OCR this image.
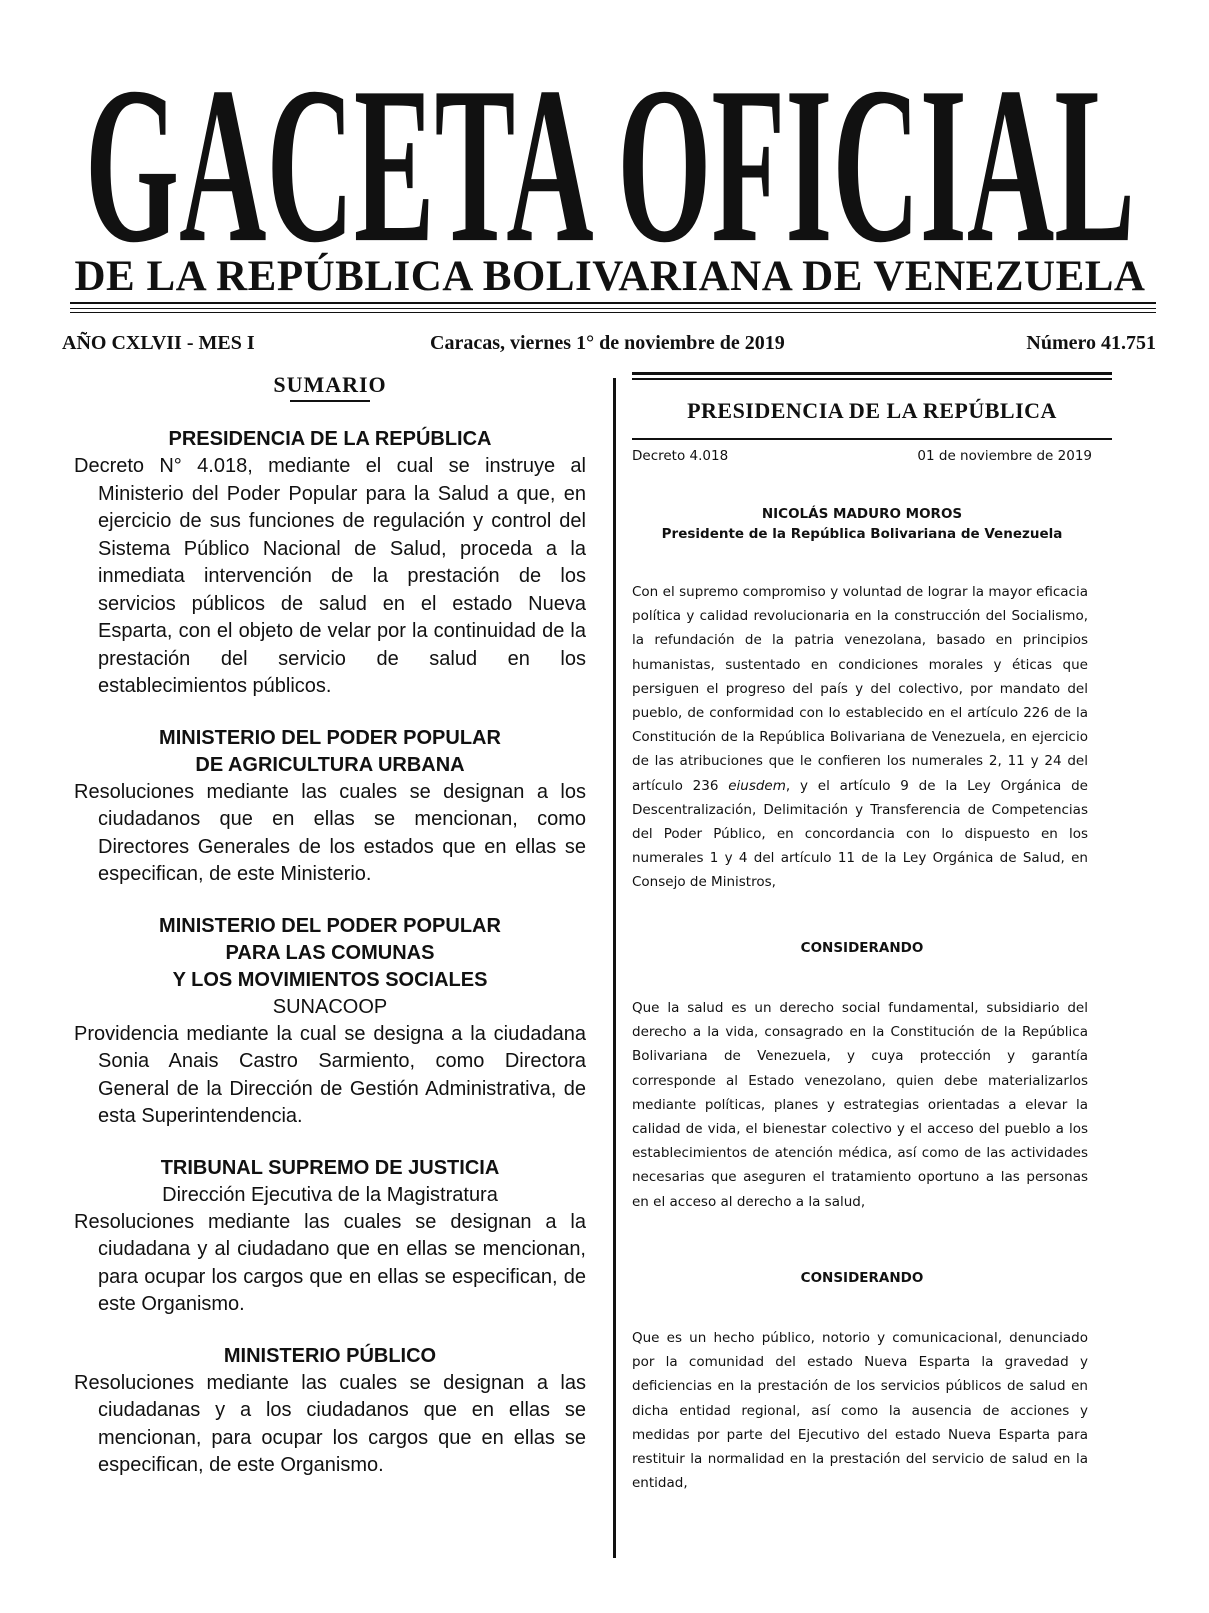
GACETA OFICIAL
DE LA REPÚBLICA BOLIVARIANA DE VENEZUELA
AÑO CXLVII - MES I	Caracas, viernes 1° de noviembre de 2019	Número 41.751
SUMARIO
PRESIDENCIA DE LA REPÚBLICA
Decreto N° 4.018, mediante el cual se instruye al Ministerio del Poder Popular para la Salud a que, en ejercicio de sus funciones de regulación y control del Sistema Público Nacional de Salud, proceda a la inmediata intervención de la prestación de los servicios públicos de salud en el estado Nueva Esparta, con el objeto de velar por la continuidad de la prestación del servicio de salud en los establecimientos públicos.
MINISTERIO DEL PODER POPULAR
DE AGRICULTURA URBANA
Resoluciones mediante las cuales se designan a los ciudadanos que en ellas se mencionan, como Directores Generales de los estados que en ellas se especifican, de este Ministerio.
MINISTERIO DEL PODER POPULAR
PARA LAS COMUNAS
Y LOS MOVIMIENTOS SOCIALES
SUNACOOP
Providencia mediante la cual se designa a la ciudadana Sonia Anais Castro Sarmiento, como Directora General de la Dirección de Gestión Administrativa, de esta Superintendencia.
TRIBUNAL SUPREMO DE JUSTICIA
Dirección Ejecutiva de la Magistratura
Resoluciones mediante las cuales se designan a la ciudadana y al ciudadano que en ellas se mencionan, para ocupar los cargos que en ellas se especifican, de este Organismo.
MINISTERIO PÚBLICO
Resoluciones mediante las cuales se designan a las ciudadanas y a los ciudadanos que en ellas se mencionan, para ocupar los cargos que en ellas se especifican, de este Organismo.
PRESIDENCIA DE LA REPÚBLICA
Decreto 4.018	01 de noviembre de 2019
NICOLÁS MADURO MOROS
Presidente de la República Bolivariana de Venezuela
Con el supremo compromiso y voluntad de lograr la mayor eficacia política y calidad revolucionaria en la construcción del Socialismo, la refundación de la patria venezolana, basado en principios humanistas, sustentado en condiciones morales y éticas que persiguen el progreso del país y del colectivo, por mandato del pueblo, de conformidad con lo establecido en el artículo 226 de la Constitución de la República Bolivariana de Venezuela, en ejercicio de las atribuciones que le confieren los numerales 2, 11 y 24 del artículo 236 eiusdem, y el artículo 9 de la Ley Orgánica de Descentralización, Delimitación y Transferencia de Competencias del Poder Público, en concordancia con lo dispuesto en los numerales 1 y 4 del artículo 11 de la Ley Orgánica de Salud, en Consejo de Ministros,
CONSIDERANDO
Que la salud es un derecho social fundamental, subsidiario del derecho a la vida, consagrado en la Constitución de la República Bolivariana de Venezuela, y cuya protección y garantía corresponde al Estado venezolano, quien debe materializarlos mediante políticas, planes y estrategias orientadas a elevar la calidad de vida, el bienestar colectivo y el acceso del pueblo a los establecimientos de atención médica, así como de las actividades necesarias que aseguren el tratamiento oportuno a las personas en el acceso al derecho a la salud,
CONSIDERANDO
Que es un hecho público, notorio y comunicacional, denunciado por la comunidad del estado Nueva Esparta la gravedad y deficiencias en la prestación de los servicios públicos de salud en dicha entidad regional, así como la ausencia de acciones y medidas por parte del Ejecutivo del estado Nueva Esparta para restituir la normalidad en la prestación del servicio de salud en la entidad,
